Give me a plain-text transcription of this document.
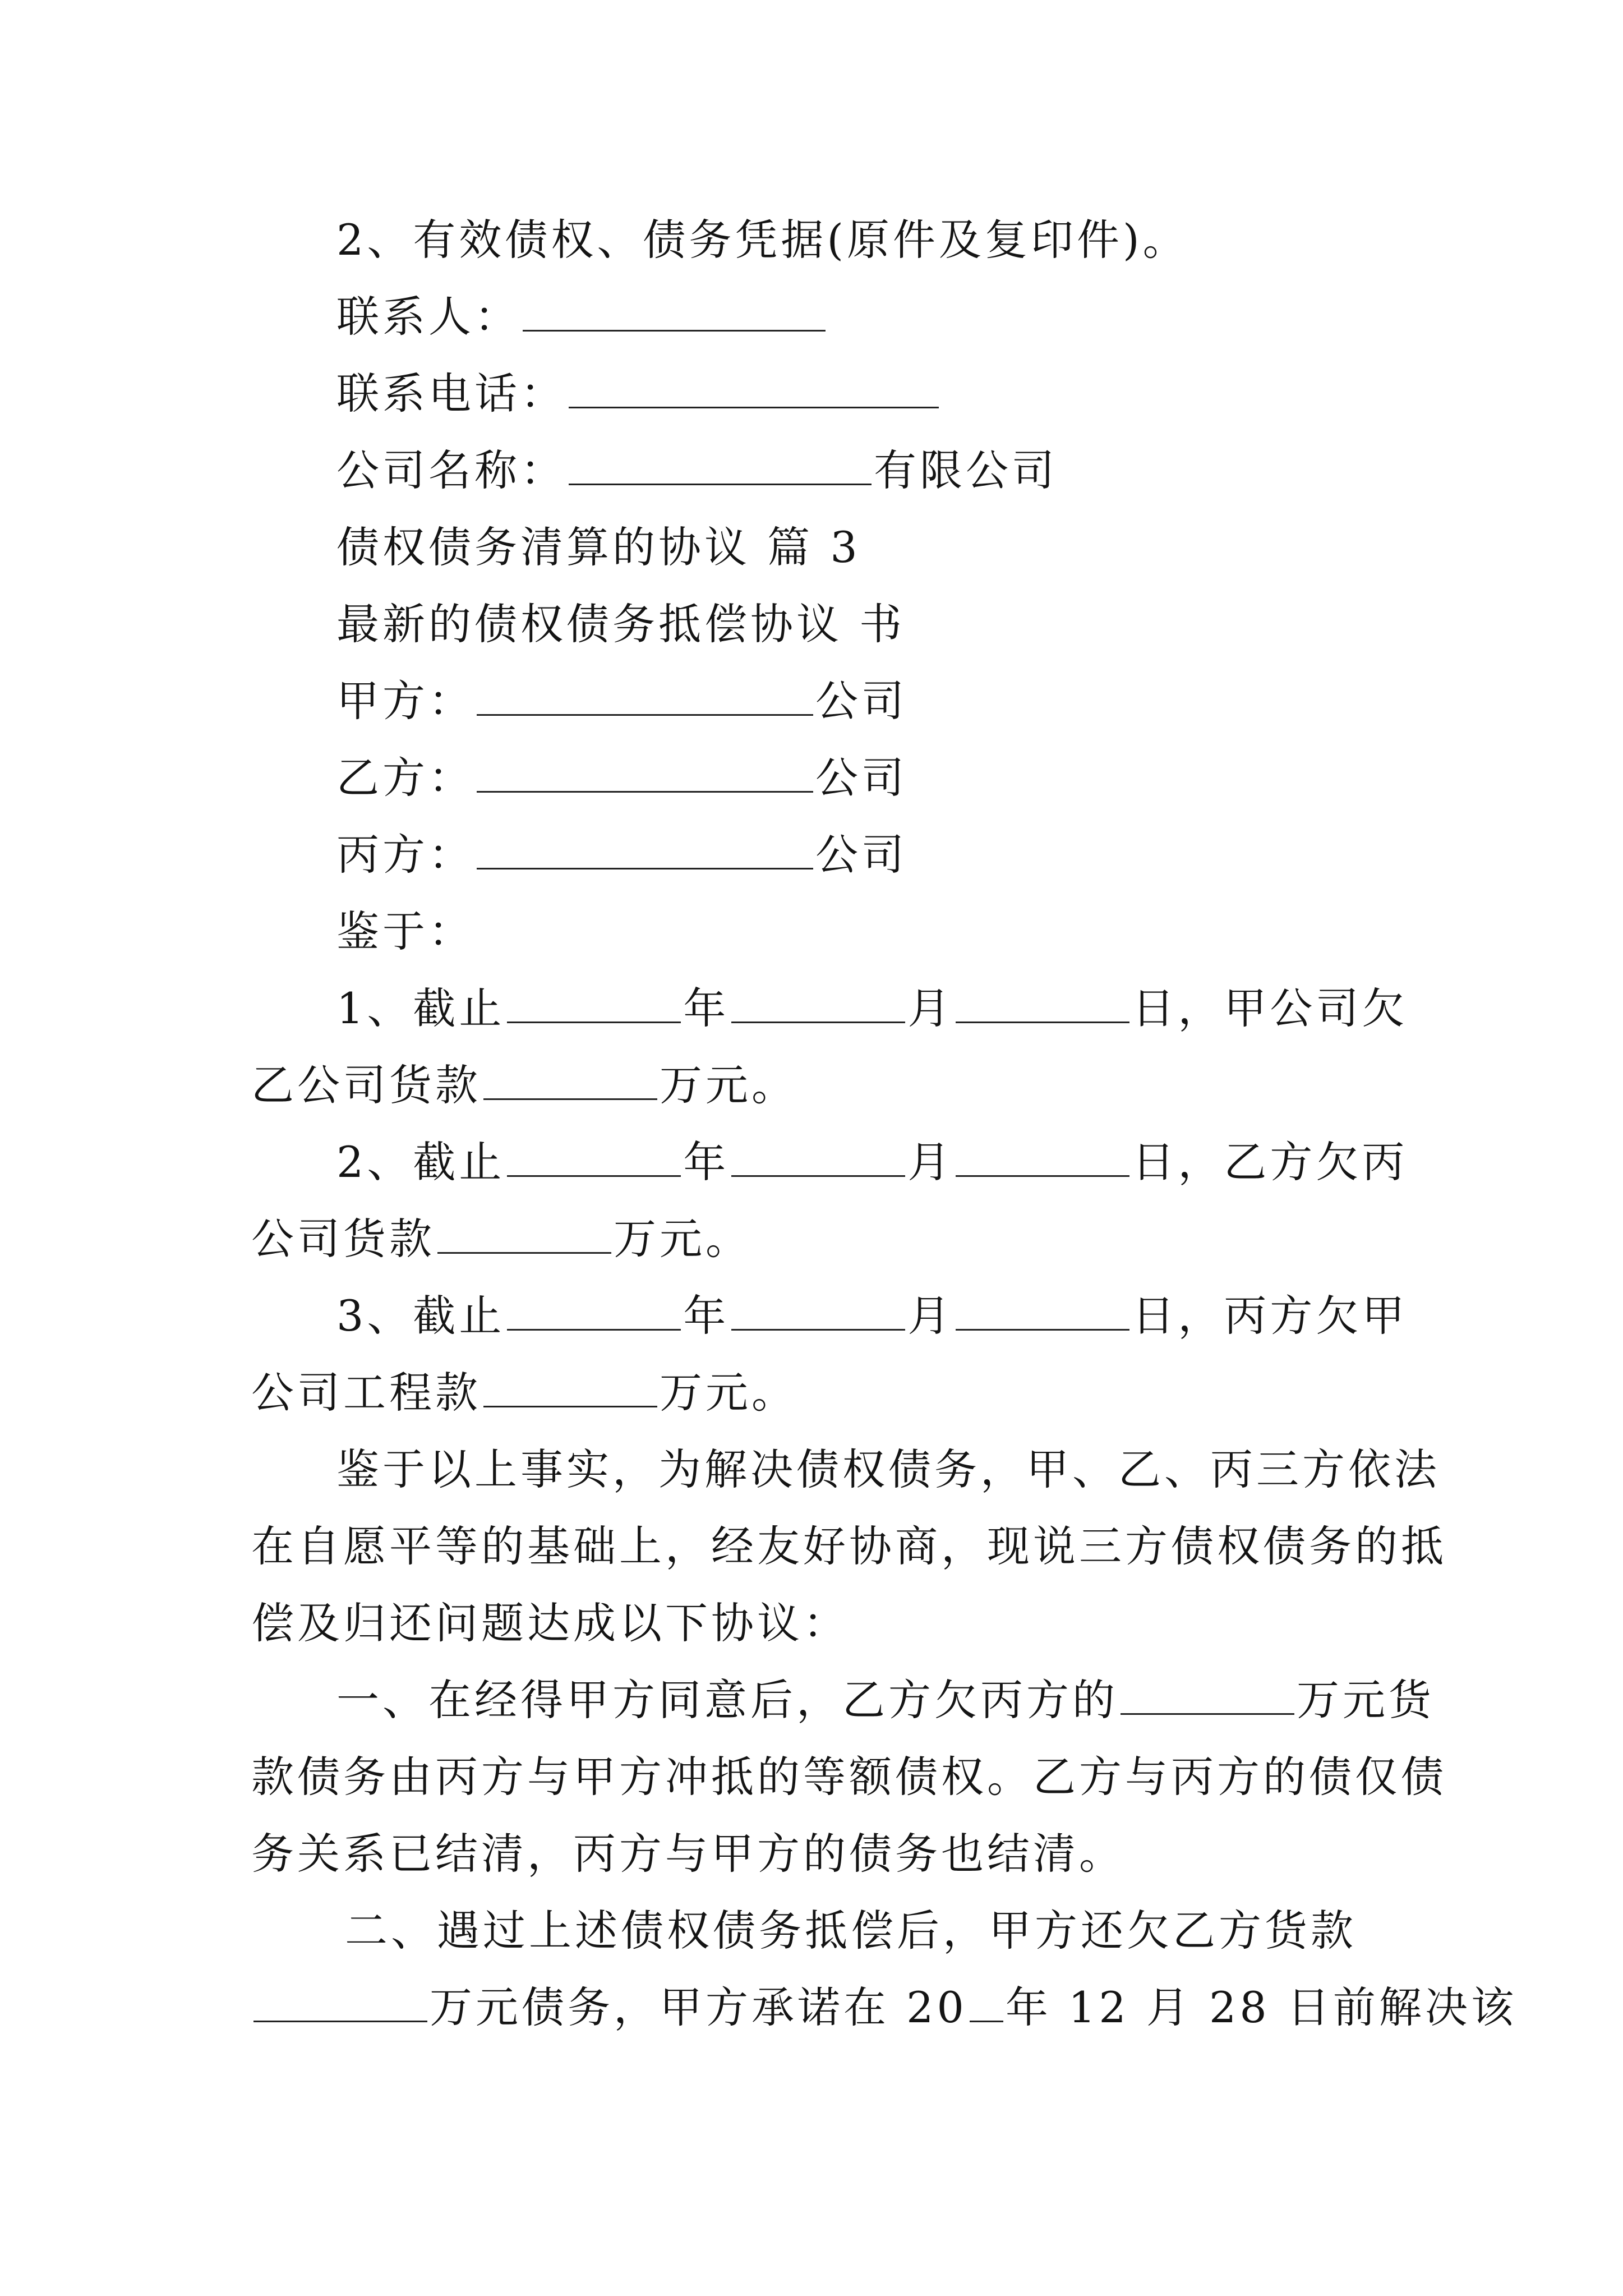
2、有效债权、债务凭据(原件及复印件)。
联系人：
联系电话：
公司名称：	有限公司
债权债务清算的协议 篇 3
最新的债权债务抵偿协议 书
甲方：	公司
乙方：	公司
丙方：	公司
鉴于：
1、截止	年	月	日，甲公司欠
乙公司货款	万元。
2、截止	年	月	日，乙方欠丙
公司货款	万元。
3、截止	年	月	日，丙方欠甲
公司工程款	万元。
鉴于以上事实，为解决债权债务，甲、乙、丙三方依法
在自愿平等的基础上，经友好协商，现说三方债权债务的抵
偿及归还问题达成以下协议：
一、在经得甲方同意后，乙方欠丙方的	万元货
款债务由丙方与甲方冲抵的等额债权。乙方与丙方的债仅债
务关系已结清，丙方与甲方的债务也结清。
二、遇过上述债权债务抵偿后，甲方还欠乙方货款
万元债务，甲方承诺在 20 年 12 月 28 日前解决该
